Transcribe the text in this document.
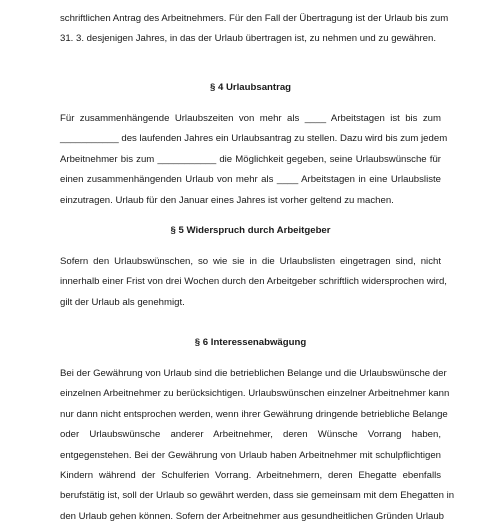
schriftlichen Antrag des Arbeitnehmers. Für den Fall der Übertragung ist der Urlaub bis zum
31. 3. desjenigen Jahres, in das der Urlaub übertragen ist, zu nehmen und zu gewähren.
§ 4 Urlaubsantrag
Für zusammenhängende Urlaubszeiten von mehr als ____ Arbeitstagen ist bis zum
___________ des laufenden Jahres ein Urlaubsantrag zu stellen. Dazu wird bis zum jedem
Arbeitnehmer bis zum ___________ die Möglichkeit gegeben, seine Urlaubswünsche für
einen zusammenhängenden Urlaub von mehr als ____ Arbeitstagen in eine Urlaubsliste
einzutragen. Urlaub für den Januar eines Jahres ist vorher geltend zu machen.
§ 5 Widerspruch durch Arbeitgeber
Sofern den Urlaubswünschen, so wie sie in die Urlaubslisten eingetragen sind, nicht
innerhalb einer Frist von drei Wochen durch den Arbeitgeber schriftlich widersprochen wird,
gilt der Urlaub als genehmigt.
§ 6 Interessenabwägung
Bei der Gewährung von Urlaub sind die betrieblichen Belange und die Urlaubswünsche der
einzelnen Arbeitnehmer zu berücksichtigen. Urlaubswünschen einzelner Arbeitnehmer kann
nur dann nicht entsprochen werden, wenn ihrer Gewährung dringende betriebliche Belange
oder Urlaubswünsche anderer Arbeitnehmer, deren Wünsche Vorrang haben,
entgegenstehen. Bei der Gewährung von Urlaub haben Arbeitnehmer mit schulpflichtigen
Kindern während der Schulferien Vorrang. Arbeitnehmern, deren Ehegatte ebenfalls
berufstätig ist, soll der Urlaub so gewährt werden, dass sie gemeinsam mit dem Ehegatten in
den Urlaub gehen können. Sofern der Arbeitnehmer aus gesundheitlichen Gründen Urlaub
